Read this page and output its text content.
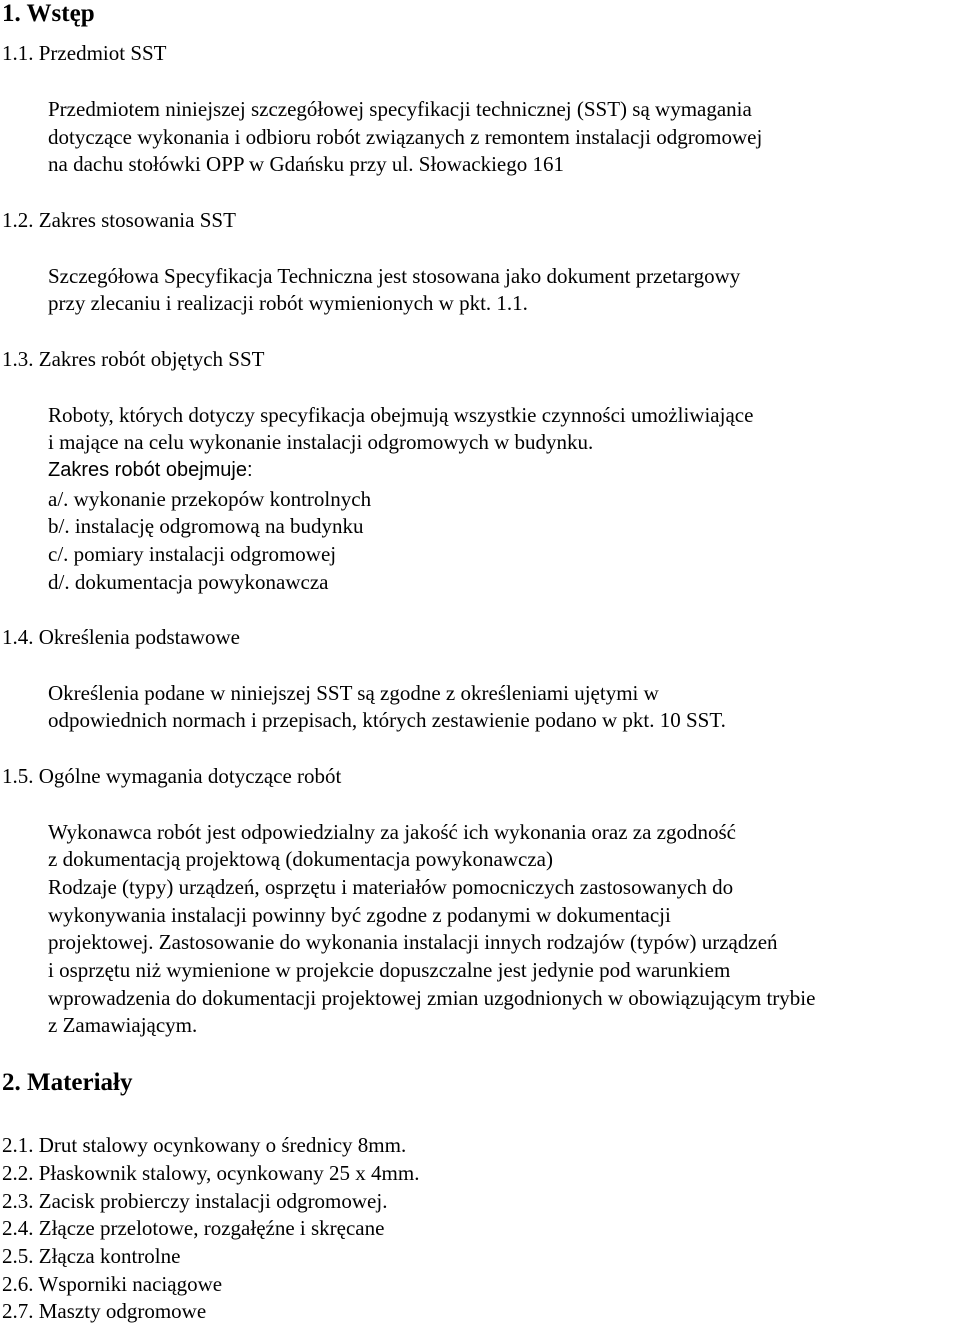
1. Wstęp
1.1. Przedmiot SST
Przedmiotem niniejszej szczegółowej specyfikacji technicznej (SST) są wymagania
dotyczące wykonania i odbioru robót związanych z remontem instalacji odgromowej
na dachu stołówki OPP w Gdańsku przy ul. Słowackiego 161
1.2. Zakres stosowania SST
Szczegółowa Specyfikacja Techniczna jest stosowana jako dokument przetargowy
przy zlecaniu i realizacji robót wymienionych w pkt. 1.1.
1.3. Zakres robót objętych SST
Roboty, których dotyczy specyfikacja obejmują wszystkie czynności umożliwiające
i mające na celu wykonanie instalacji odgromowych w budynku.
Zakres robót obejmuje:
a/. wykonanie przekopów kontrolnych
b/. instalację odgromową na budynku
c/. pomiary instalacji odgromowej
d/. dokumentacja powykonawcza
1.4. Określenia podstawowe
Określenia podane w niniejszej SST są zgodne z określeniami ujętymi w
odpowiednich normach i przepisach, których zestawienie podano w pkt. 10 SST.
1.5. Ogólne wymagania dotyczące robót
Wykonawca robót jest odpowiedzialny za jakość ich wykonania oraz za zgodność
z dokumentacją projektową (dokumentacja powykonawcza)
Rodzaje (typy) urządzeń, osprzętu i materiałów pomocniczych zastosowanych do
wykonywania instalacji powinny być zgodne z podanymi w dokumentacji
projektowej. Zastosowanie do wykonania instalacji innych rodzajów (typów) urządzeń
i osprzętu niż wymienione w projekcie dopuszczalne jest jedynie pod warunkiem
wprowadzenia do dokumentacji projektowej zmian uzgodnionych w obowiązującym trybie
z Zamawiającym.
2. Materiały
2.1. Drut stalowy ocynkowany o średnicy 8mm.
2.2. Płaskownik stalowy, ocynkowany 25 x 4mm.
2.3. Zacisk probierczy instalacji odgromowej.
2.4. Złącze przelotowe, rozgałęźne i skręcane
2.5. Złącza kontrolne
2.6. Wsporniki naciągowe
2.7. Maszty odgromowe
